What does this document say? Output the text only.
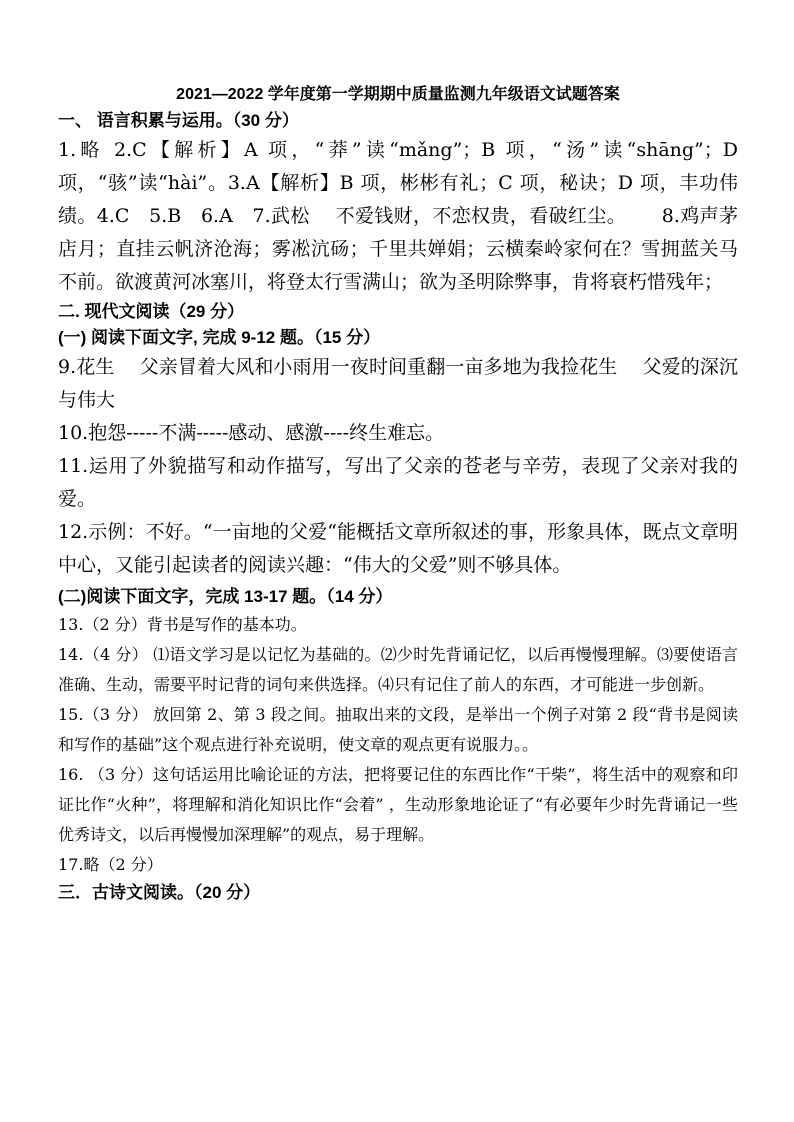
2021—2022 学年度第一学期期中质量监测九年级语文试题答案
一、 语言积累与运用。（30 分）

1.略 2.C【解析】A 项，“莽”读“mǎng”；B 项，“汤”读“shāng”；D 项，“骇”读“hài”。3.A【解析】B 项，彬彬有礼；C 项，秘诀；D 项，丰功伟绩。4.C　5.B　6.A　7.武松　 不爱钱财，不恋权贵，看破红尘。　　 8.鸡声茅店月；直挂云帆济沧海；雾凇沆砀；千里共婵娟；云横秦岭家何在？雪拥蓝关马不前。欲渡黄河冰塞川，将登太行雪满山；欲为圣明除弊事，肯将衰朽惜残年；

二. 现代文阅读（29 分）
(一) 阅读下面文字, 完成 9-12 题。（15 分）

9.花生　 父亲冒着大风和小雨用一夜时间重翻一亩多地为我捡花生　 父爱的深沉与伟大

10.抱怨-----不满-----感动、感激----终生难忘。

11.运用了外貌描写和动作描写，写出了父亲的苍老与辛劳，表现了父亲对我的爱。

12.示例：不好。“一亩地的父爱“能概括文章所叙述的事，形象具体，既点文章明中心，又能引起读者的阅读兴趣：“伟大的父爱”则不够具体。

(二)阅读下面文字，完成 13-17 题。（14 分）

13.（2 分）背书是写作的基本功。

14.（4 分） ⑴语文学习是以记忆为基础的。⑵少时先背诵记忆，以后再慢慢理解。⑶要使语言准确、生动，需要平时记背的词句来供选择。⑷只有记住了前人的东西，才可能进一步创新。

15.（3 分） 放回第 2、第 3 段之间。抽取出来的文段，是举出一个例子对第 2 段“背书是阅读和写作的基础”这个观点进行补充说明，使文章的观点更有说服力。。

16. （3 分）这句话运用比喻论证的方法，把将要记住的东西比作“干柴”，将生活中的观察和印证比作“火种”，将理解和消化知识比作“会着” ，生动形象地论证了“有必要年少时先背诵记一些优秀诗文，以后再慢慢加深理解”的观点，易于理解。

17.略（2 分）

三．古诗文阅读。（20 分）
